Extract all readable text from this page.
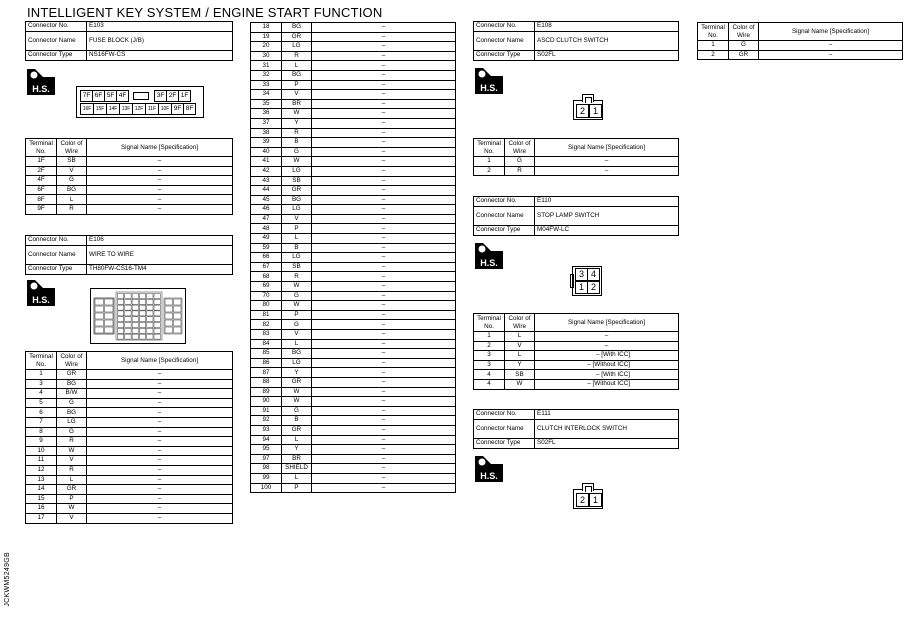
INTELLIGENT KEY SYSTEM / ENGINE START FUNCTION
Connector No.	E103
Connector Name	FUSE BLOCK (J/B)
Connector Type	NS16FW-CS
H.S.
7F 6F 5F 4F	3F 2F 1F
16F 15F 14F 13F 12F 11F 10F 9F 8F
Terminal No.	Color of Wire	Signal Name [Specification]
1F	SB	–
2F	V	–
4F	G	–
6F	BG	–
8F	L	–
9F	R	–
Connector No.	E106
Connector Name	WIRE TO WIRE
Connector Type	TH80FW-CS16-TM4
H.S.
Terminal No.	Color of Wire	Signal Name [Specification]
1	GR	–
3	BG	–
4	B/W	–
5	G	–
6	BG	–
7	LG	–
8	G	–
9	R	–
10	W	–
11	V	–
12	R	–
13	L	–
14	GR	–
15	P	–
16	W	–
17	V	–
18	BG	–
19	GR	–
20	LG	–
30	R	–
31	L	–
32	BG	–
33	P	–
34	V	–
35	BR	–
36	W	–
37	Y	–
38	R	–
39	B	–
40	G	–
41	W	–
42	LG	–
43	SB	–
44	GR	–
45	BG	–
46	LG	–
47	V	–
48	P	–
49	L	–
59	B	–
66	LG	–
67	SB	–
68	R	–
69	W	–
70	G	–
80	W	–
81	P	–
82	G	–
83	V	–
84	L	–
85	BG	–
86	LG	–
87	Y	–
88	GR	–
89	W	–
90	W	–
91	G	–
92	B	–
93	GR	–
94	L	–
95	Y	–
97	BR	–
98	SHIELD	–
99	L	–
100	P	–
Connector No.	E108
Connector Name	ASCD CLUTCH SWITCH
Connector Type	S02FL
H.S.
2 1
Terminal No.	Color of Wire	Signal Name [Specification]
1	G	–
2	R	–
Connector No.	E110
Connector Name	STOP LAMP SWITCH
Connector Type	M04FW-LC
H.S.
3 4
1 2
Terminal No.	Color of Wire	Signal Name [Specification]
1	L	–
2	V	–
3	L	– [With ICC]
3	Y	– [Without ICC]
4	SB	– [With ICC]
4	W	– [Without ICC]
Connector No.	E111
Connector Name	CLUTCH INTERLOCK SWITCH
Connector Type	S02FL
H.S.
2 1
Terminal No.	Color of Wire	Signal Name [Specification]
1	G	–
2	GR	–
JCKWM5249GB
